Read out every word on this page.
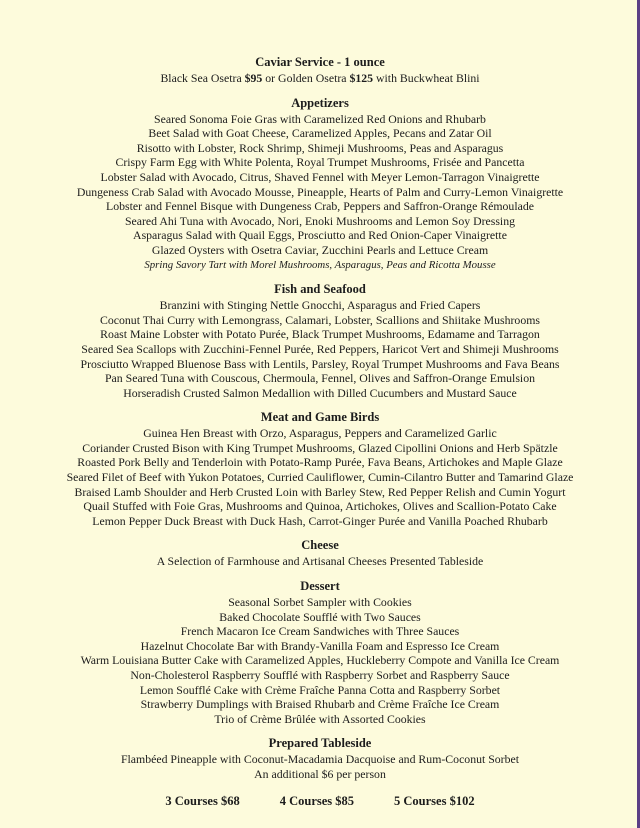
Caviar Service - 1 ounce
Black Sea Osetra $95 or Golden Osetra $125 with Buckwheat Blini
Appetizers
Seared Sonoma Foie Gras with Caramelized Red Onions and Rhubarb
Beet Salad with Goat Cheese, Caramelized Apples, Pecans and Zatar Oil
Risotto with Lobster, Rock Shrimp, Shimeji Mushrooms, Peas and Asparagus
Crispy Farm Egg with White Polenta, Royal Trumpet Mushrooms, Frisée and Pancetta
Lobster Salad with Avocado, Citrus, Shaved Fennel with Meyer Lemon-Tarragon Vinaigrette
Dungeness Crab Salad with Avocado Mousse, Pineapple, Hearts of Palm and Curry-Lemon Vinaigrette
Lobster and Fennel Bisque with Dungeness Crab, Peppers and Saffron-Orange Rémoulade
Seared Ahi Tuna with Avocado, Nori, Enoki Mushrooms and Lemon Soy Dressing
Asparagus Salad with Quail Eggs, Prosciutto and Red Onion-Caper Vinaigrette
Glazed Oysters with Osetra Caviar, Zucchini Pearls and Lettuce Cream
Spring Savory Tart with Morel Mushrooms, Asparagus, Peas and Ricotta Mousse
Fish and Seafood
Branzini with Stinging Nettle Gnocchi, Asparagus and Fried Capers
Coconut Thai Curry with Lemongrass, Calamari, Lobster, Scallions and Shiitake Mushrooms
Roast Maine Lobster with Potato Purée, Black Trumpet Mushrooms, Edamame and Tarragon
Seared Sea Scallops with Zucchini-Fennel Purée, Red Peppers, Haricot Vert and Shimeji Mushrooms
Prosciutto Wrapped Bluenose Bass with Lentils, Parsley, Royal Trumpet Mushrooms and Fava Beans
Pan Seared Tuna with Couscous, Chermoula, Fennel, Olives and Saffron-Orange Emulsion
Horseradish Crusted Salmon Medallion with Dilled Cucumbers and Mustard Sauce
Meat and Game Birds
Guinea Hen Breast with Orzo, Asparagus, Peppers and Caramelized Garlic
Coriander Crusted Bison with King Trumpet Mushrooms, Glazed Cipollini Onions and Herb Spätzle
Roasted Pork Belly and Tenderloin with Potato-Ramp Purée, Fava Beans, Artichokes and Maple Glaze
Seared Filet of Beef with Yukon Potatoes, Curried Cauliflower, Cumin-Cilantro Butter and Tamarind Glaze
Braised Lamb Shoulder and Herb Crusted Loin with Barley Stew, Red Pepper Relish and Cumin Yogurt
Quail Stuffed with Foie Gras, Mushrooms and Quinoa, Artichokes, Olives and Scallion-Potato Cake
Lemon Pepper Duck Breast with Duck Hash, Carrot-Ginger Purée and Vanilla Poached Rhubarb
Cheese
A Selection of Farmhouse and Artisanal Cheeses Presented Tableside
Dessert
Seasonal Sorbet Sampler with Cookies
Baked Chocolate Soufflé with Two Sauces
French Macaron Ice Cream Sandwiches with Three Sauces
Hazelnut Chocolate Bar with Brandy-Vanilla Foam and Espresso Ice Cream
Warm Louisiana Butter Cake with Caramelized Apples, Huckleberry Compote and Vanilla Ice Cream
Non-Cholesterol Raspberry Soufflé with Raspberry Sorbet and Raspberry Sauce
Lemon Soufflé Cake with Crème Fraîche Panna Cotta and Raspberry Sorbet
Strawberry Dumplings with Braised Rhubarb and Crème Fraîche Ice Cream
Trio of Crème Brûlée with Assorted Cookies
Prepared Tableside
Flambéed Pineapple with Coconut-Macadamia Dacquoise and Rum-Coconut Sorbet
An additional $6 per person
3 Courses $68	4 Courses $85	5 Courses $102
